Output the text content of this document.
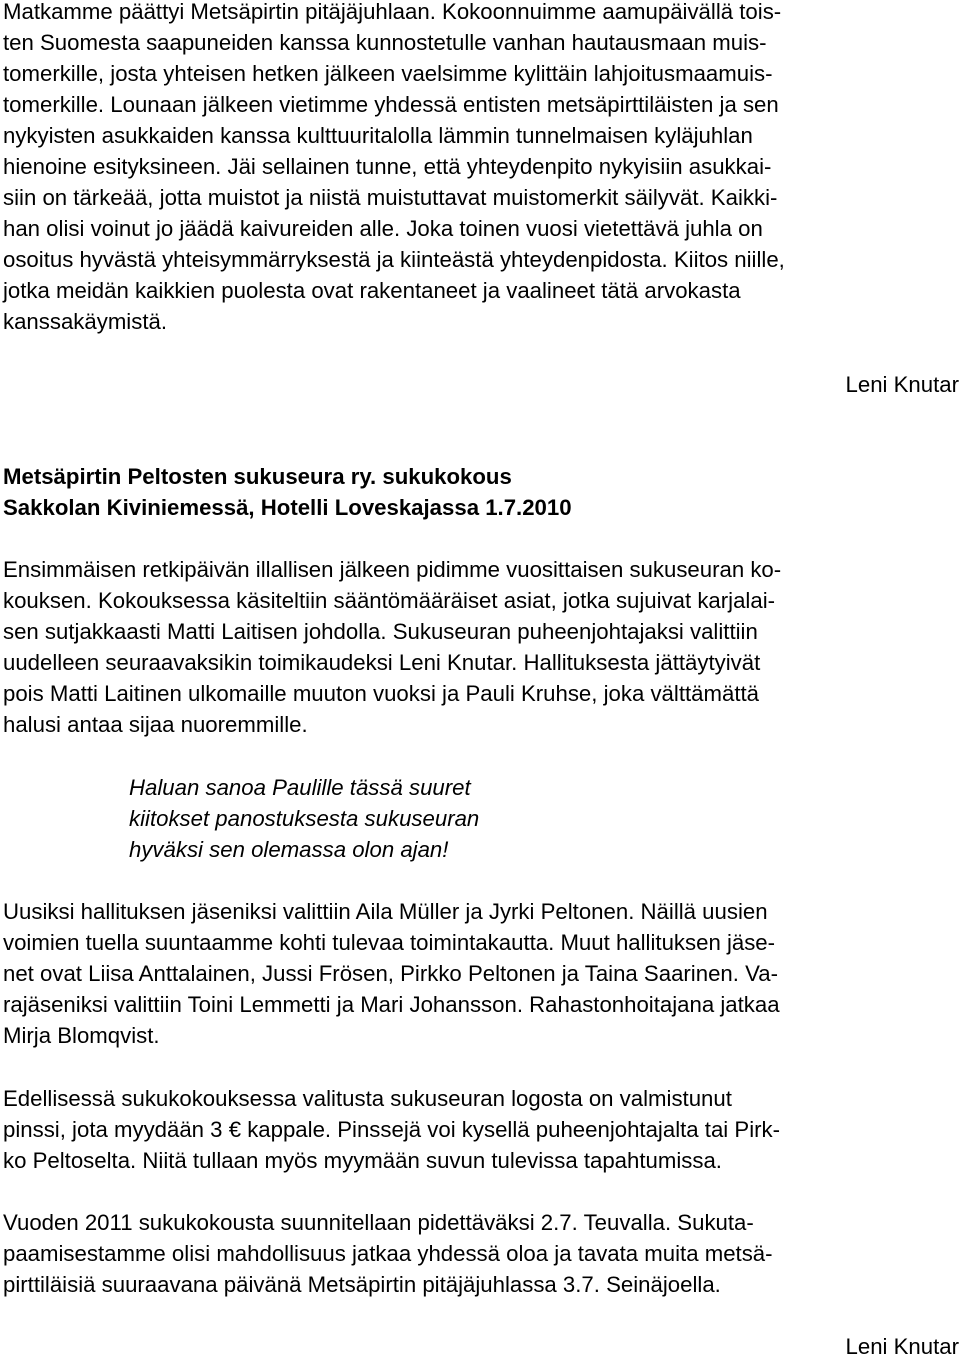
Matkamme päättyi Metsäpirtin pitäjäjuhlaan. Kokoonnuimme aamupäivällä tois-
ten Suomesta saapuneiden kanssa kunnostetulle vanhan hautausmaan muis-
tomerkille, josta yhteisen hetken jälkeen vaelsimme kylittäin lahjoitusmaamuis-
tomerkille. Lounaan jälkeen vietimme yhdessä entisten metsäpirttiläisten ja sen
nykyisten asukkaiden kanssa kulttuuritalolla lämmin tunnelmaisen kyläjuhlan
hienoine esityksineen. Jäi sellainen tunne, että yhteydenpito nykyisiin asukkai-
siin on tärkeää, jotta muistot ja niistä muistuttavat muistomerkit säilyvät. Kaikki-
han olisi voinut jo jäädä kaivureiden alle. Joka toinen vuosi vietettävä juhla on
osoitus hyvästä yhteisymmärryksestä ja kiinteästä yhteydenpidosta. Kiitos niille,
jotka meidän kaikkien puolesta ovat rakentaneet ja vaalineet tätä arvokasta
kanssakäymistä.
Leni Knutar
Metsäpirtin Peltosten sukuseura ry. sukukokous
Sakkolan Kiviniemessä, Hotelli Loveskajassa 1.7.2010
Ensimmäisen retkipäivän illallisen jälkeen pidimme vuosittaisen sukuseuran ko-
kouksen. Kokouksessa käsiteltiin sääntömääräiset asiat, jotka sujuivat karjalai-
sen sutjakkaasti Matti Laitisen johdolla. Sukuseuran puheenjohtajaksi valittiin
uudelleen seuraavaksikin toimikaudeksi Leni Knutar. Hallituksesta jättäytyivät
pois Matti Laitinen ulkomaille muuton vuoksi ja Pauli Kruhse, joka välttämättä
halusi antaa sijaa nuoremmille.
Haluan sanoa Paulille tässä suuret
kiitokset panostuksesta sukuseuran
hyväksi sen olemassa olon ajan!
Uusiksi hallituksen jäseniksi valittiin Aila Müller ja Jyrki Peltonen. Näillä uusien
voimien tuella suuntaamme kohti tulevaa toimintakautta. Muut hallituksen jäse-
net ovat Liisa Anttalainen, Jussi Frösen, Pirkko Peltonen ja Taina Saarinen. Va-
rajäseniksi valittiin Toini Lemmetti ja Mari Johansson. Rahastonhoitajana jatkaa
Mirja Blomqvist.
Edellisessä sukukokouksessa valitusta sukuseuran logosta on valmistunut
pinssi, jota myydään 3 € kappale. Pinssejä voi kysellä puheenjohtajalta tai Pirk-
ko Peltoselta. Niitä tullaan myös myymään suvun tulevissa tapahtumissa.
Vuoden 2011 sukukokousta suunnitellaan pidettäväksi 2.7. Teuvalla. Sukuta-
paamisestamme olisi mahdollisuus jatkaa yhdessä oloa ja tavata muita metsä-
pirttiläisiä suuraavana päivänä Metsäpirtin pitäjäjuhlassa 3.7. Seinäjoella.
Leni Knutar
